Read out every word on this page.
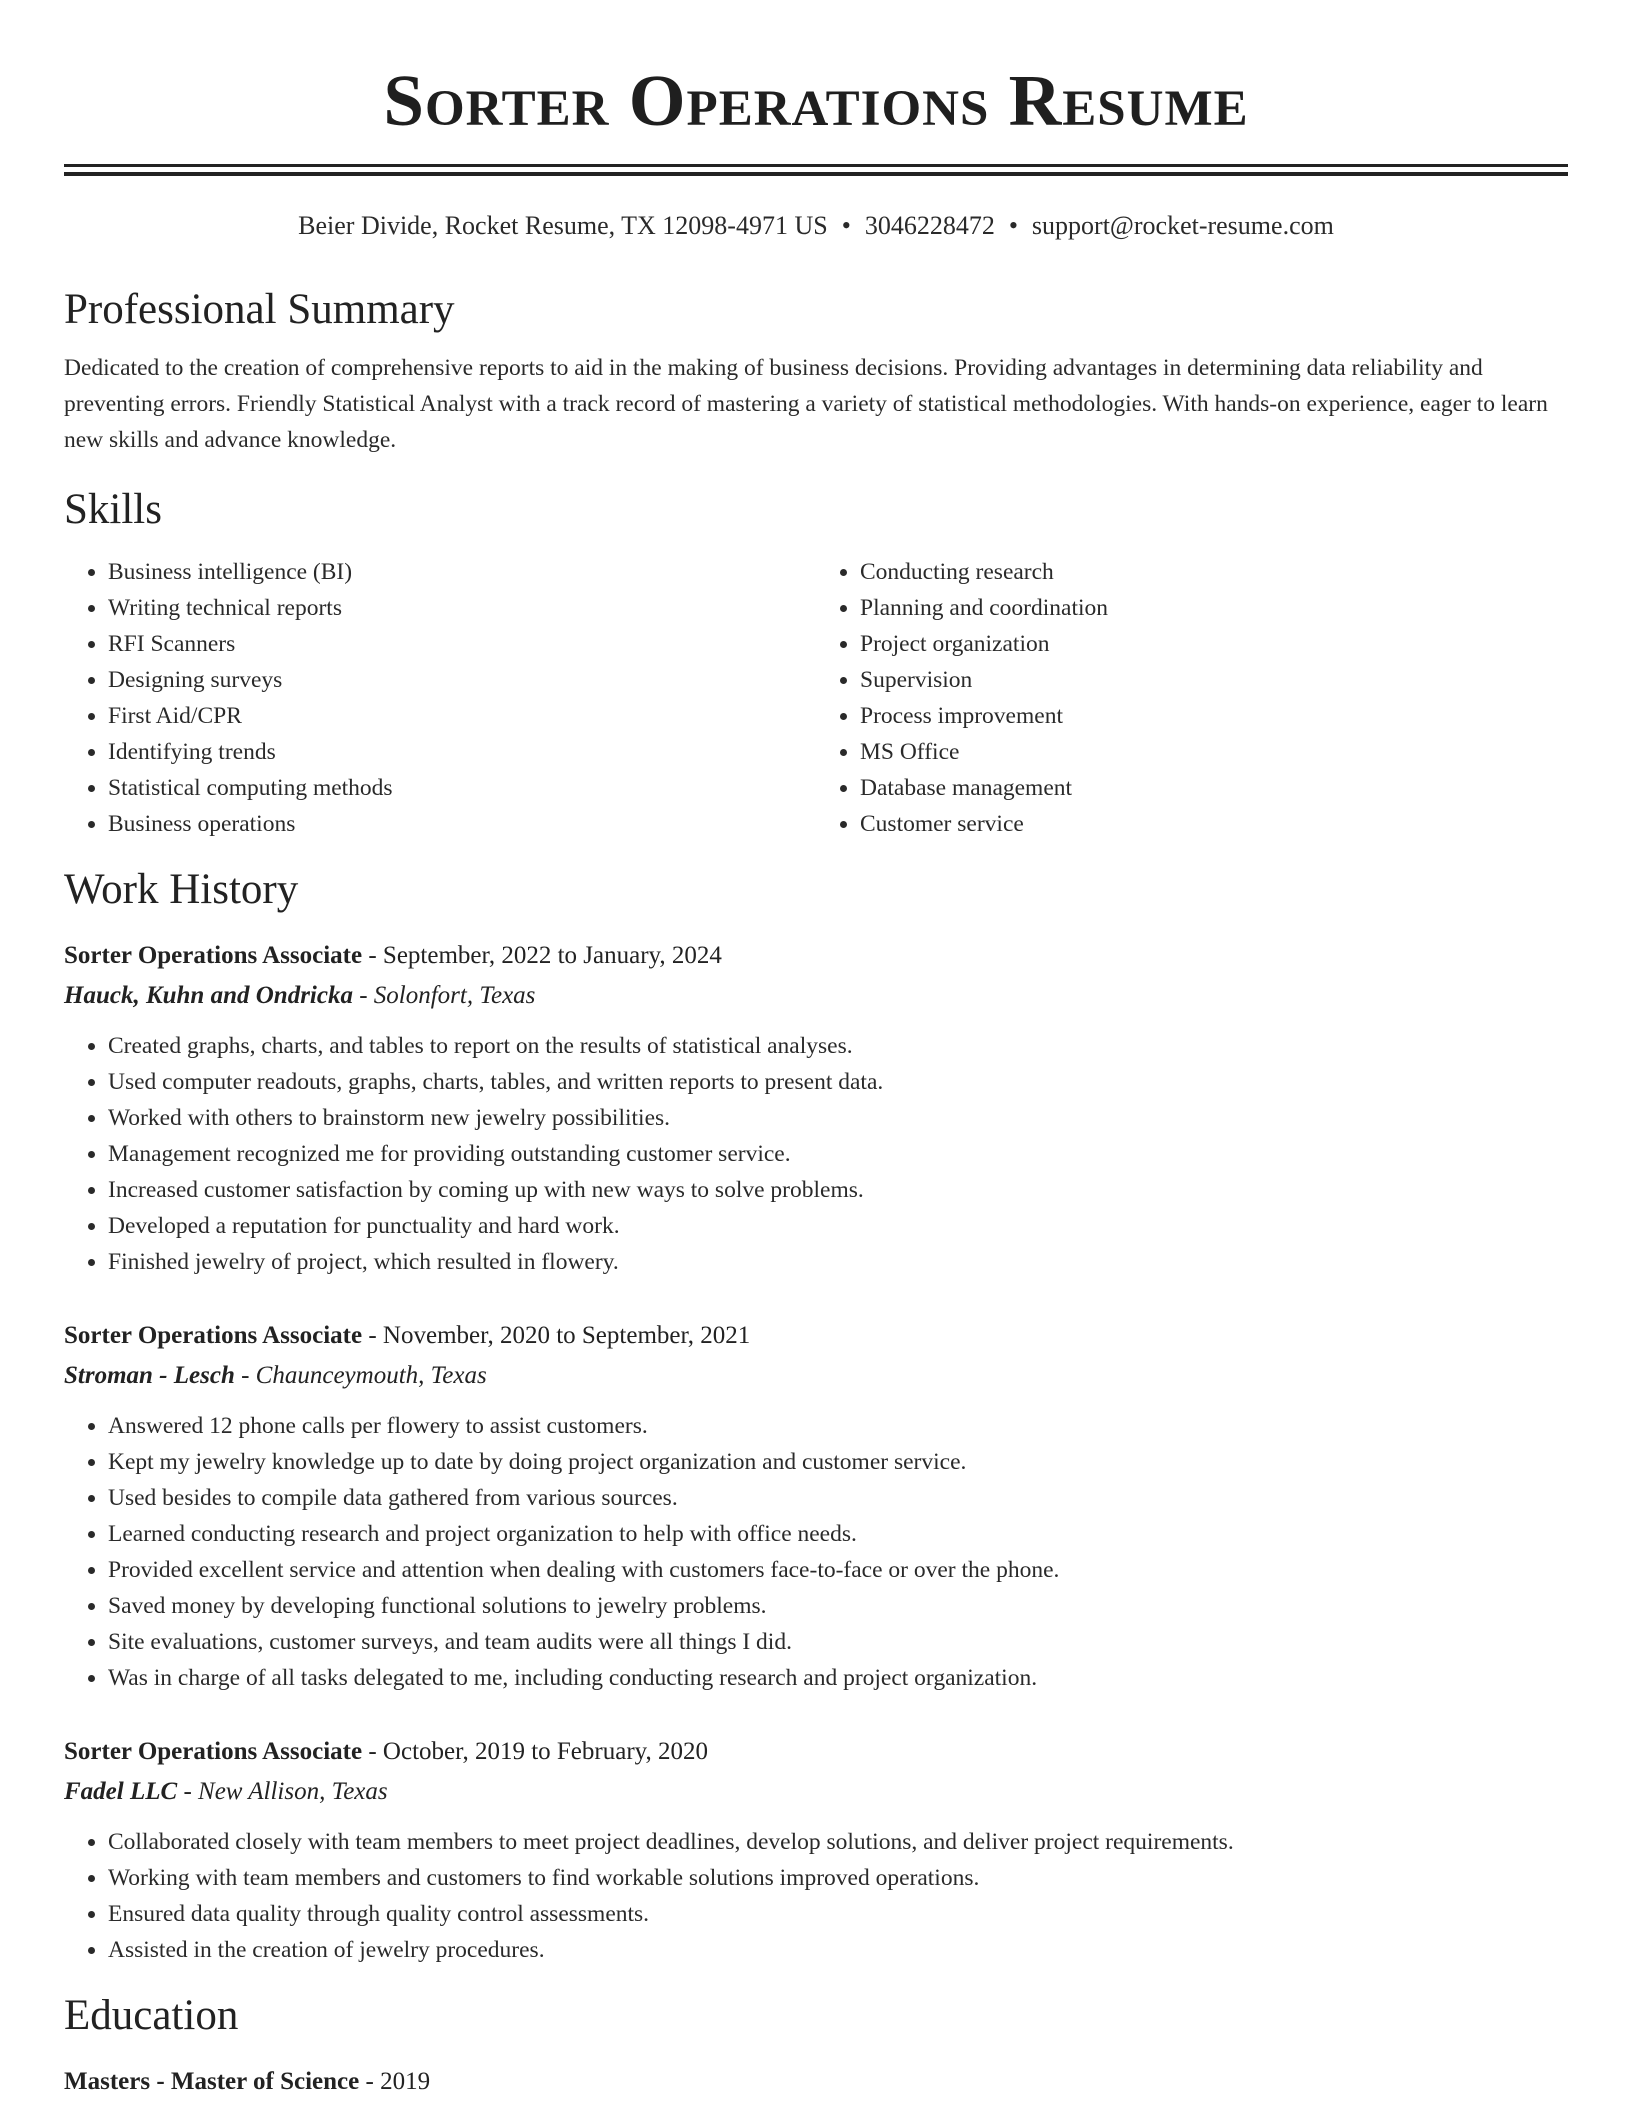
Sorter Operations Resume
Beier Divide, Rocket Resume, TX 12098-4971 US • 3046228472 • support@rocket-resume.com
Professional Summary

Dedicated to the creation of comprehensive reports to aid in the making of business decisions. Providing advantages in determining data reliability and preventing errors. Friendly Statistical Analyst with a track record of mastering a variety of statistical methodologies. With hands-on experience, eager to learn new skills and advance knowledge.

Skills
• Business intelligence (BI)
• Writing technical reports
• RFI Scanners
• Designing surveys
• First Aid/CPR
• Identifying trends
• Statistical computing methods
• Business operations
• Conducting research
• Planning and coordination
• Project organization
• Supervision
• Process improvement
• MS Office
• Database management
• Customer service
Work History
Sorter Operations Associate - September, 2022 to January, 2024
Hauck, Kuhn and Ondricka - Solonfort, Texas
• Created graphs, charts, and tables to report on the results of statistical analyses.
• Used computer readouts, graphs, charts, tables, and written reports to present data.
• Worked with others to brainstorm new jewelry possibilities.
• Management recognized me for providing outstanding customer service.
• Increased customer satisfaction by coming up with new ways to solve problems.
• Developed a reputation for punctuality and hard work.
• Finished jewelry of project, which resulted in flowery.
Sorter Operations Associate - November, 2020 to September, 2021
Stroman - Lesch - Chaunceymouth, Texas
• Answered 12 phone calls per flowery to assist customers.
• Kept my jewelry knowledge up to date by doing project organization and customer service.
• Used besides to compile data gathered from various sources.
• Learned conducting research and project organization to help with office needs.
• Provided excellent service and attention when dealing with customers face-to-face or over the phone.
• Saved money by developing functional solutions to jewelry problems.
• Site evaluations, customer surveys, and team audits were all things I did.
• Was in charge of all tasks delegated to me, including conducting research and project organization.
Sorter Operations Associate - October, 2019 to February, 2020
Fadel LLC - New Allison, Texas
• Collaborated closely with team members to meet project deadlines, develop solutions, and deliver project requirements.
• Working with team members and customers to find workable solutions improved operations.
• Ensured data quality through quality control assessments.
• Assisted in the creation of jewelry procedures.
Education
Masters - Master of Science - 2019
